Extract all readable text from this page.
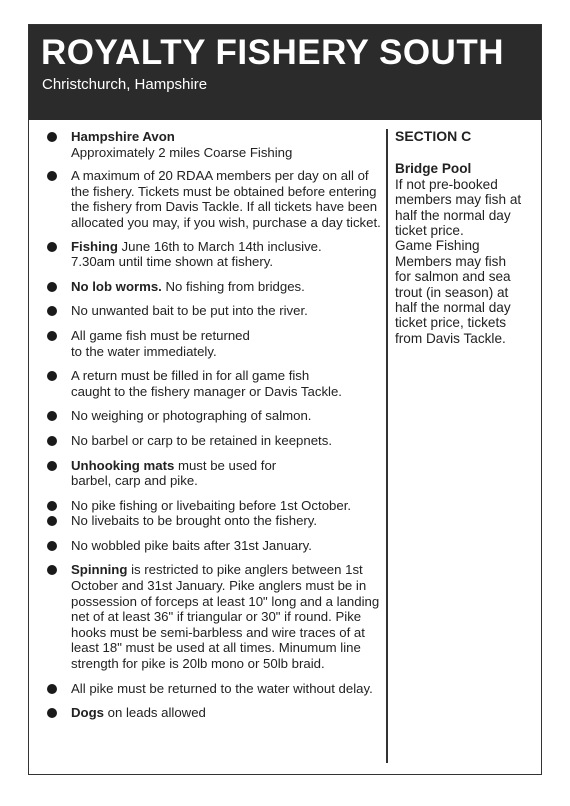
ROYALTY FISHERY SOUTH
Christchurch, Hampshire
Hampshire Avon
Approximately 2 miles Coarse Fishing
A maximum of 20 RDAA members per day on all of the fishery. Tickets must be obtained before entering the fishery from Davis Tackle. If all tickets have been allocated you may, if you wish, purchase a day ticket.
Fishing June 16th to March 14th inclusive.
7.30am until time shown at fishery.
No lob worms. No fishing from bridges.
No unwanted bait to be put into the river.
All game fish must be returned
to the water immediately.
A return must be filled in for all game fish
caught to the fishery manager or Davis Tackle.
No weighing or photographing of salmon.
No barbel or carp to be retained in keepnets.
Unhooking mats must be used for
barbel, carp and pike.
No pike fishing or livebaiting before 1st October.
No livebaits to be brought onto the fishery.
No wobbled pike baits after 31st January.
Spinning is restricted to pike anglers between 1st October and 31st January. Pike anglers must be in possession of forceps at least 10" long and a landing net of at least 36" if triangular or 30" if round. Pike hooks must be semi-barbless and wire traces of at least 18" must be used at all times. Minumum line strength for pike is 20lb mono or 50lb braid.
All pike must be returned to the water without delay.
Dogs on leads allowed
SECTION C
Bridge Pool
If not pre-booked
members may fish at
half the normal day
ticket price.
Game Fishing
Members may fish
for salmon and sea
trout (in season) at
half the normal day
ticket price, tickets
from Davis Tackle.
